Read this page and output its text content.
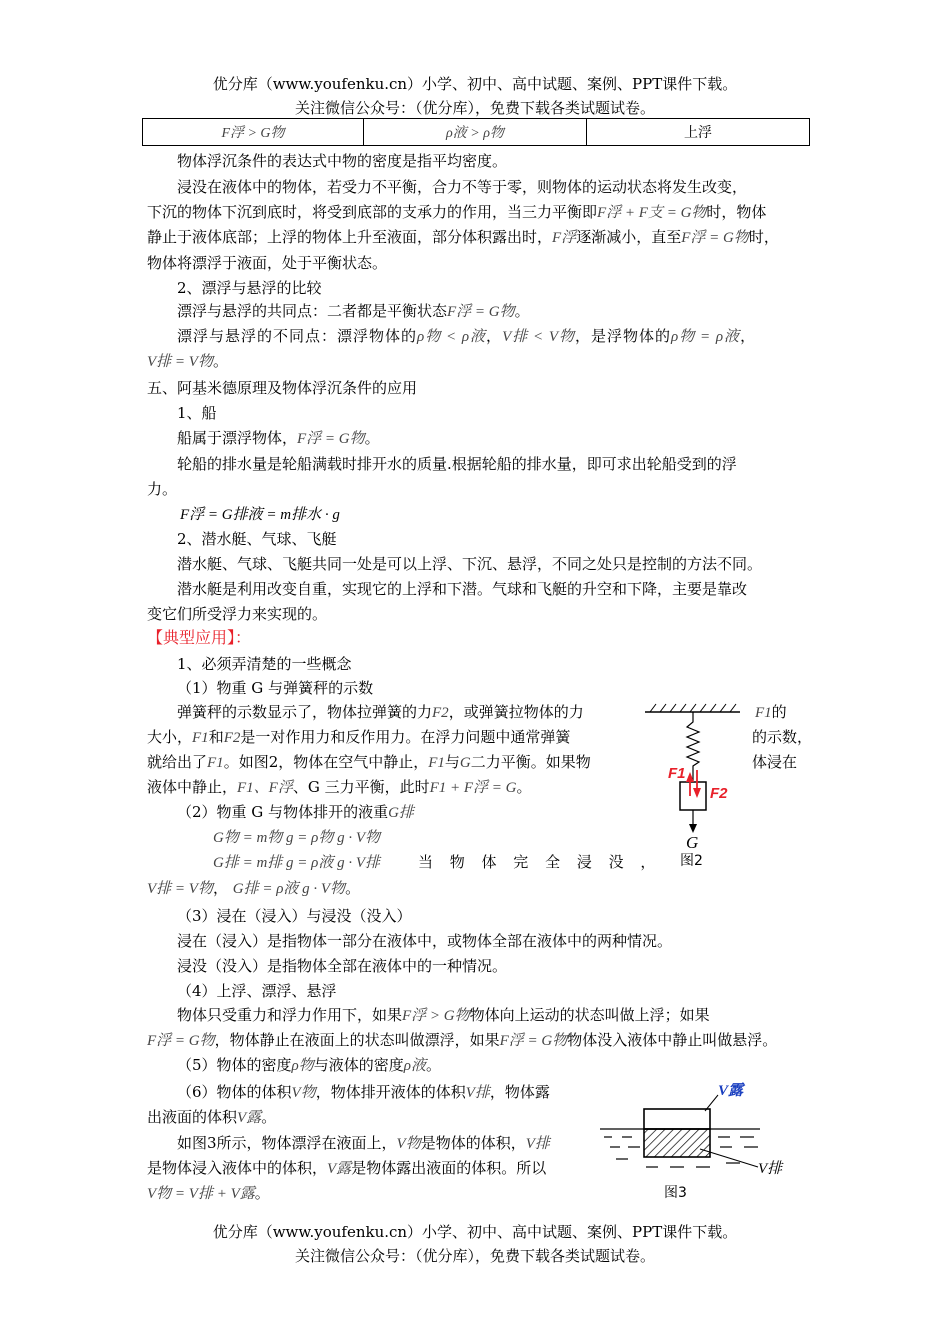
优分库（www.youfenku.cn）小学、初中、高中试题、案例、PPT课件下载。
关注微信公众号：（优分库），免费下载各类试题试卷。
F浮 > G物	ρ液 > ρ物	上浮
物体浮沉条件的表达式中物的密度是指平均密度。
浸没在液体中的物体，若受力不平衡，合力不等于零，则物体的运动状态将发生改变，
下沉的物体下沉到底时，将受到底部的支承力的作用，当三力平衡即F浮 + F支 = G物时，物体
静止于液体底部；上浮的物体上升至液面，部分体积露出时，F浮逐渐减小，直至F浮 = G物时，
物体将漂浮于液面，处于平衡状态。
2、漂浮与悬浮的比较
漂浮与悬浮的共同点：二者都是平衡状态F浮 = G物。
漂浮与悬浮的不同点：漂浮物体的ρ物 < ρ液，V排 < V物，是浮物体的ρ物 = ρ液，
V排 = V物。
五、阿基米德原理及物体浮沉条件的应用
1、船
船属于漂浮物体，F浮 = G物。
轮船的排水量是轮船满载时排开水的质量.根据轮船的排水量，即可求出轮船受到的浮
力。
F浮 = G排液 = m排水 · g
2、潜水艇、气球、飞艇
潜水艇、气球、飞艇共同一处是可以上浮、下沉、悬浮，不同之处只是控制的方法不同。
潜水艇是利用改变自重，实现它的上浮和下潜。气球和飞艇的升空和下降，主要是靠改
变它们所受浮力来实现的。
【典型应用】：
1、必须弄清楚的一些概念
（1）物重 G 与弹簧秤的示数
弹簧秤的示数显示了，物体拉弹簧的力F2，或弹簧拉物体的力	F1的
大小，F1和F2是一对作用力和反作用力。在浮力问题中通常弹簧	的示数，
就给出了F1。如图2，物体在空气中静止，F1与G二力平衡。如果物	体浸在
液体中静止，F1、F浮、G 三力平衡，此时F1 + F浮 = G。
（2）物重 G 与物体排开的液重G排
G物 = m物 g = ρ物 g · V物
G排 = m排 g = ρ液 g · V排	当 物 体 完 全 浸 没 ，
V排 = V物， G排 = ρ液 g · V物。
（3）浸在（浸入）与浸没（没入）
浸在（浸入）是指物体一部分在液体中，或物体全部在液体中的两种情况。
浸没（没入）是指物体全部在液体中的一种情况。
（4）上浮、漂浮、悬浮
物体只受重力和浮力作用下，如果F浮 > G物物体向上运动的状态叫做上浮；如果
F浮 = G物，物体静止在液面上的状态叫做漂浮，如果F浮 = G物物体没入液体中静止叫做悬浮。
（5）物体的密度ρ物与液体的密度ρ液。
（6）物体的体积V物，物体排开液体的体积V排，物体露
出液面的体积V露。
如图3所示，物体漂浮在液面上，V物是物体的体积，V排
是物体浸入液体中的体积，V露是物体露出液面的体积。所以
V物 = V排 + V露。
F1
F2
G
图2
V露
V排
图3
优分库（www.youfenku.cn）小学、初中、高中试题、案例、PPT课件下载。
关注微信公众号：（优分库），免费下载各类试题试卷。
